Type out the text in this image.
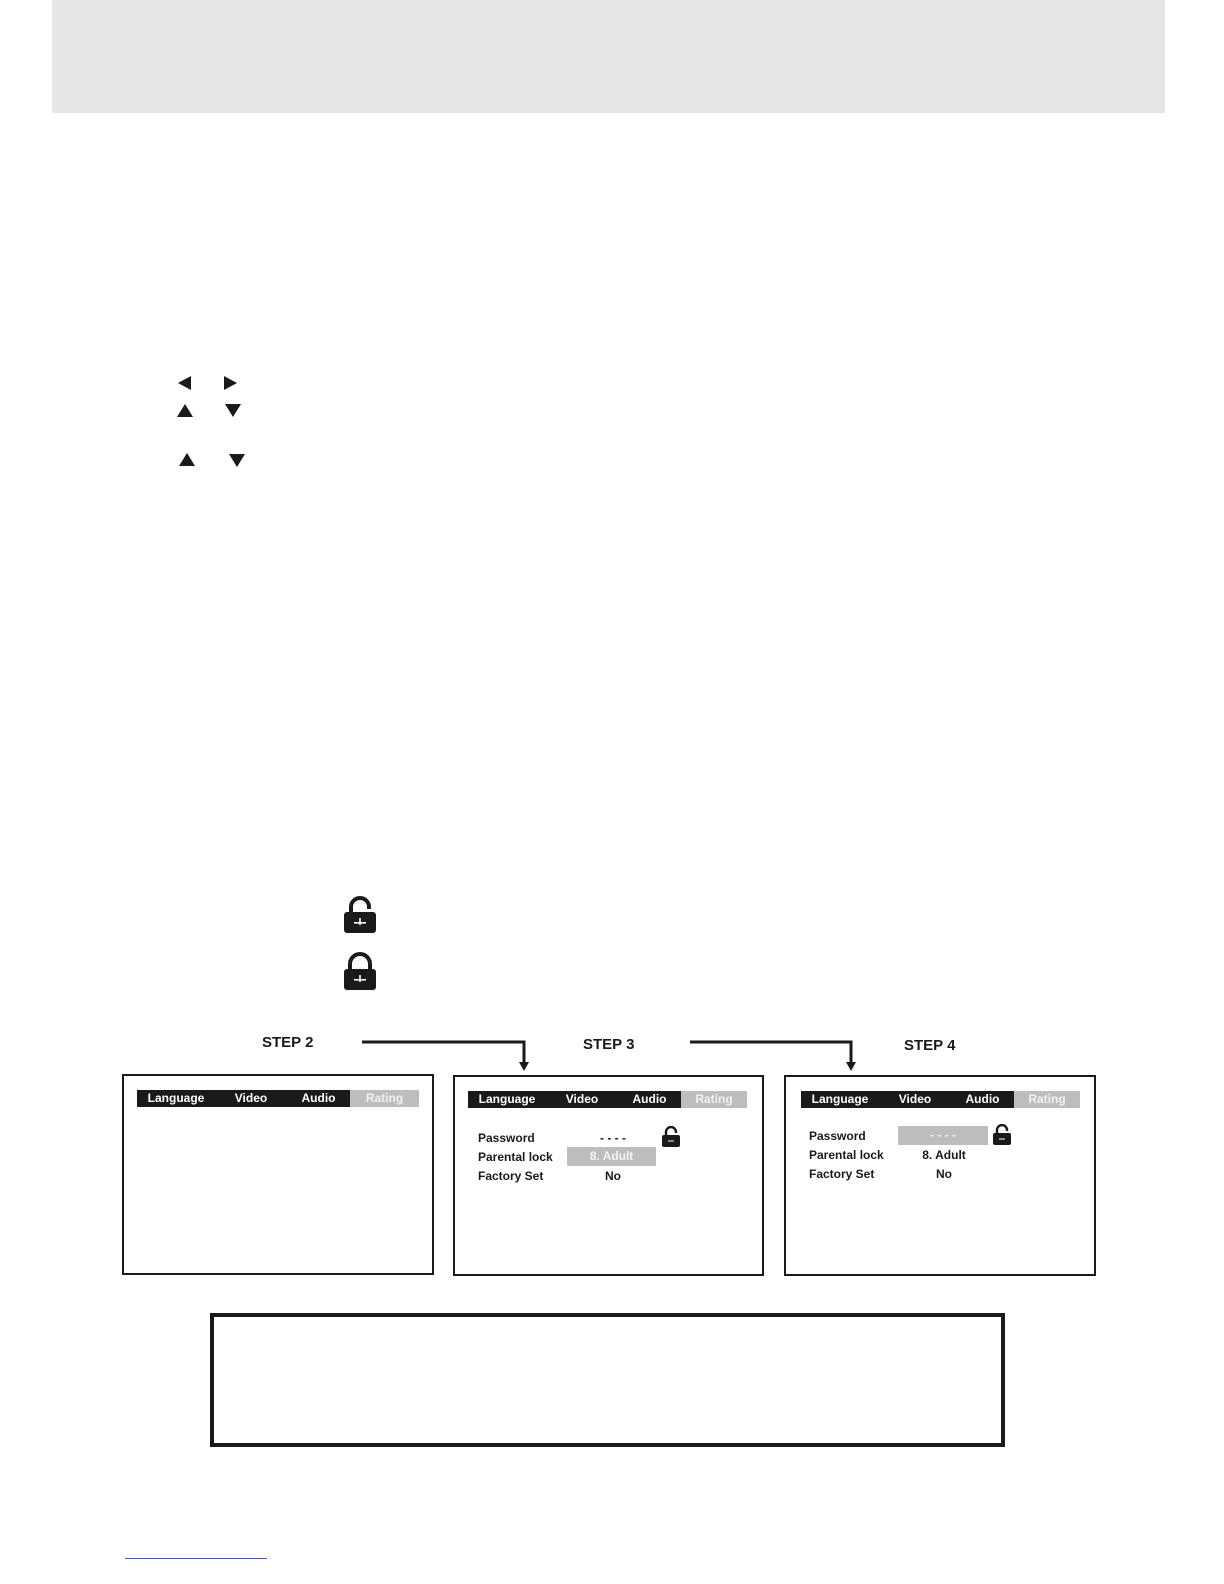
STEP 2	STEP 3	STEP 4
Language	Video	Audio	Rating	Language	Video	Audio	Rating
Password	- - - -
Parental lock	8. Adult
Factory Set	No
Language	Video	Audio	Rating
Password	- - - -
Parental lock	8. Adult
Factory Set	No
